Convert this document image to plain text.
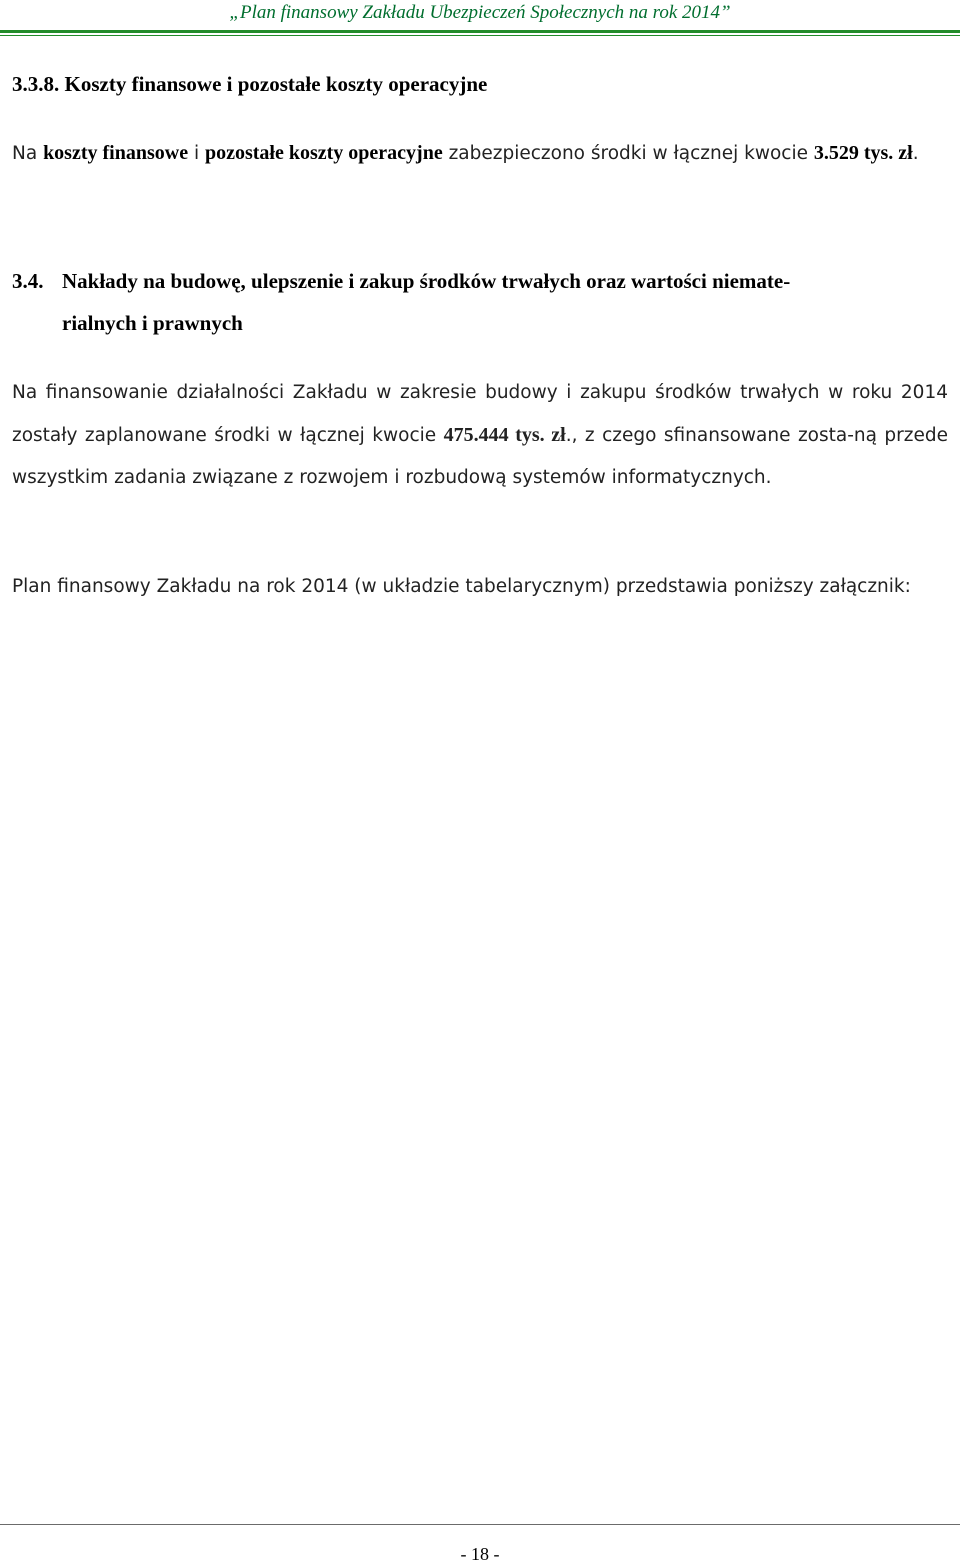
„Plan finansowy Zakładu Ubezpieczeń Społecznych na rok 2014”
3.3.8. Koszty finansowe i pozostałe koszty operacyjne

Na koszty finansowe i pozostałe koszty operacyjne zabezpieczono środki w łącznej kwocie 3.529 tys. zł.

3.4. Nakłady na budowę, ulepszenie i zakup środków trwałych oraz wartości niemate-
rialnych i prawnych

Na finansowanie działalności Zakładu w zakresie budowy i zakupu środków trwałych w roku 2014 zostały zaplanowane środki w łącznej kwocie 475.444 tys. zł., z czego sfinansowane zosta-ną przede wszystkim zadania związane z rozwojem i rozbudową systemów informatycznych.

Plan finansowy Zakładu na rok 2014 (w układzie tabelarycznym) przedstawia poniższy załącznik:

- 18 -
